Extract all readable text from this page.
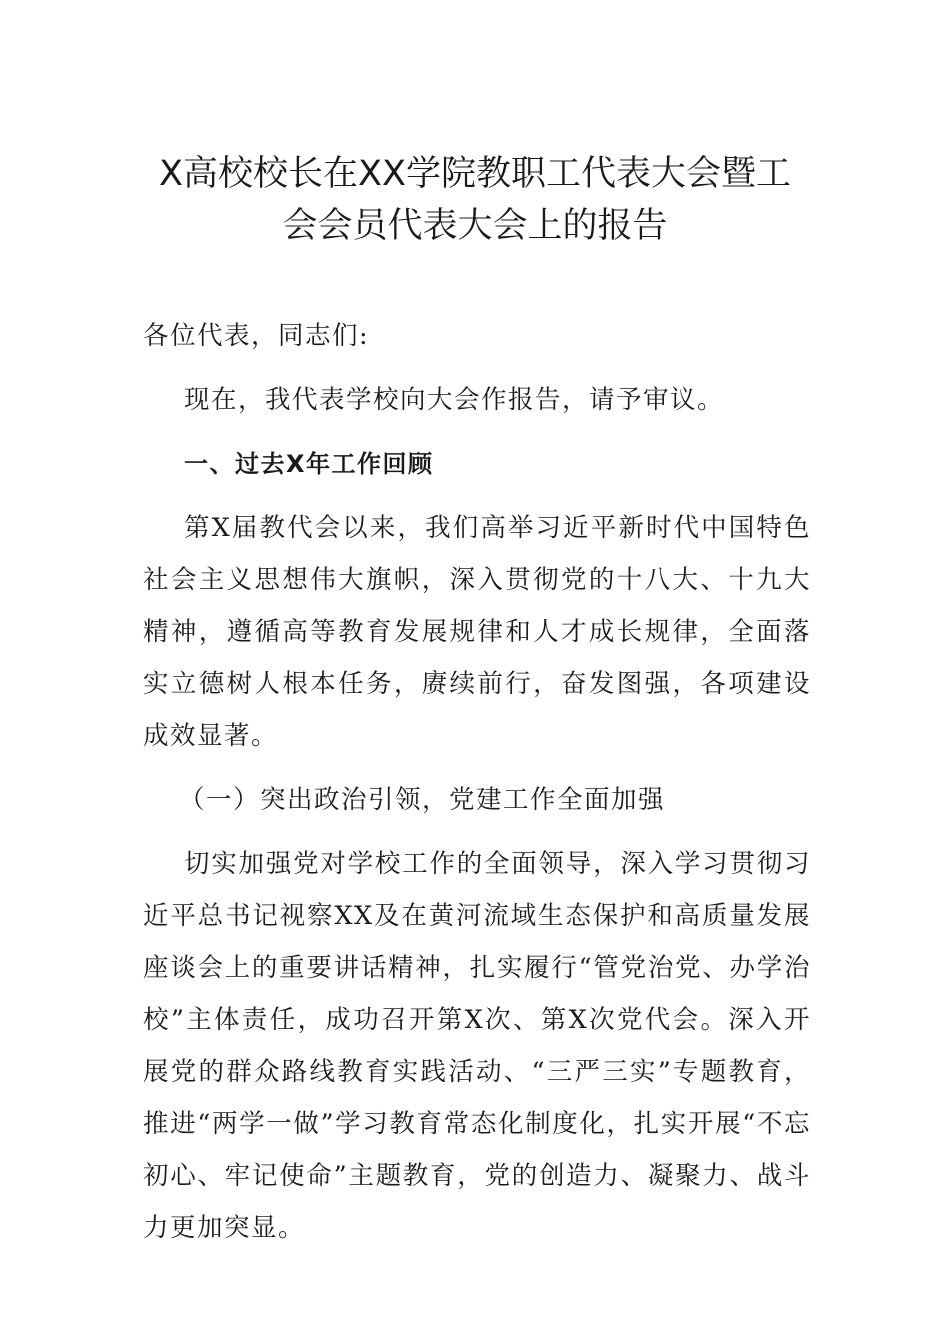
X高校校长在XX学院教职工代表大会暨工
会会员代表大会上的报告

各位代表，同志们:

现在，我代表学校向大会作报告，请予审议。

一、过去X年工作回顾

第X届教代会以来，我们高举习近平新时代中国特色社会主义思想伟大旗帜，深入贯彻党的十八大、十九大精神，遵循高等教育发展规律和人才成长规律，全面落实立德树人根本任务，赓续前行，奋发图强，各项建设成效显著。

（一）突出政治引领，党建工作全面加强

切实加强党对学校工作的全面领导，深入学习贯彻习近平总书记视察XX及在黄河流域生态保护和高质量发展座谈会上的重要讲话精神，扎实履行“管党治党、办学治校”主体责任，成功召开第X次、第X次党代会。深入开展党的群众路线教育实践活动、“三严三实”专题教育，推进“两学一做”学习教育常态化制度化，扎实开展“不忘初心、牢记使命”主题教育，党的创造力、凝聚力、战斗力更加突显。
